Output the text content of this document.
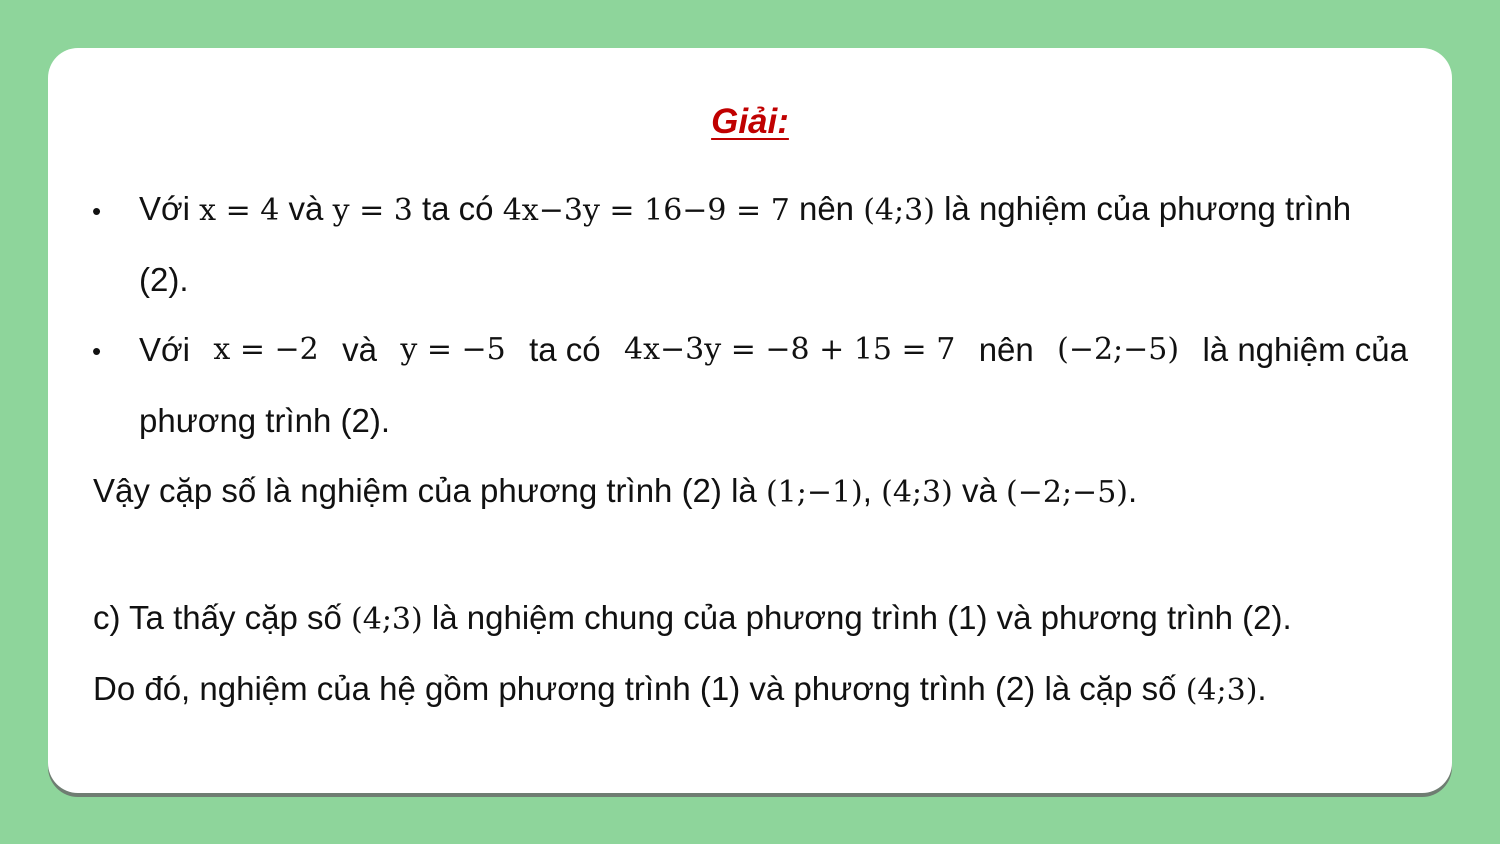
Giải:
• Với x = 4 và y = 3 ta có 4x−3y = 16−9 = 7 nên (4;3) là nghiệm của phương trình
(2).
• Với x = −2 và y = −5 ta có 4x−3y = −8 + 15 = 7 nên (−2;−5) là nghiệm của
phương trình (2).
Vậy cặp số là nghiệm của phương trình (2) là (1;−1), (4;3) và (−2;−5).
c) Ta thấy cặp số (4;3) là nghiệm chung của phương trình (1) và phương trình (2).
Do đó, nghiệm của hệ gồm phương trình (1) và phương trình (2) là cặp số (4;3).
